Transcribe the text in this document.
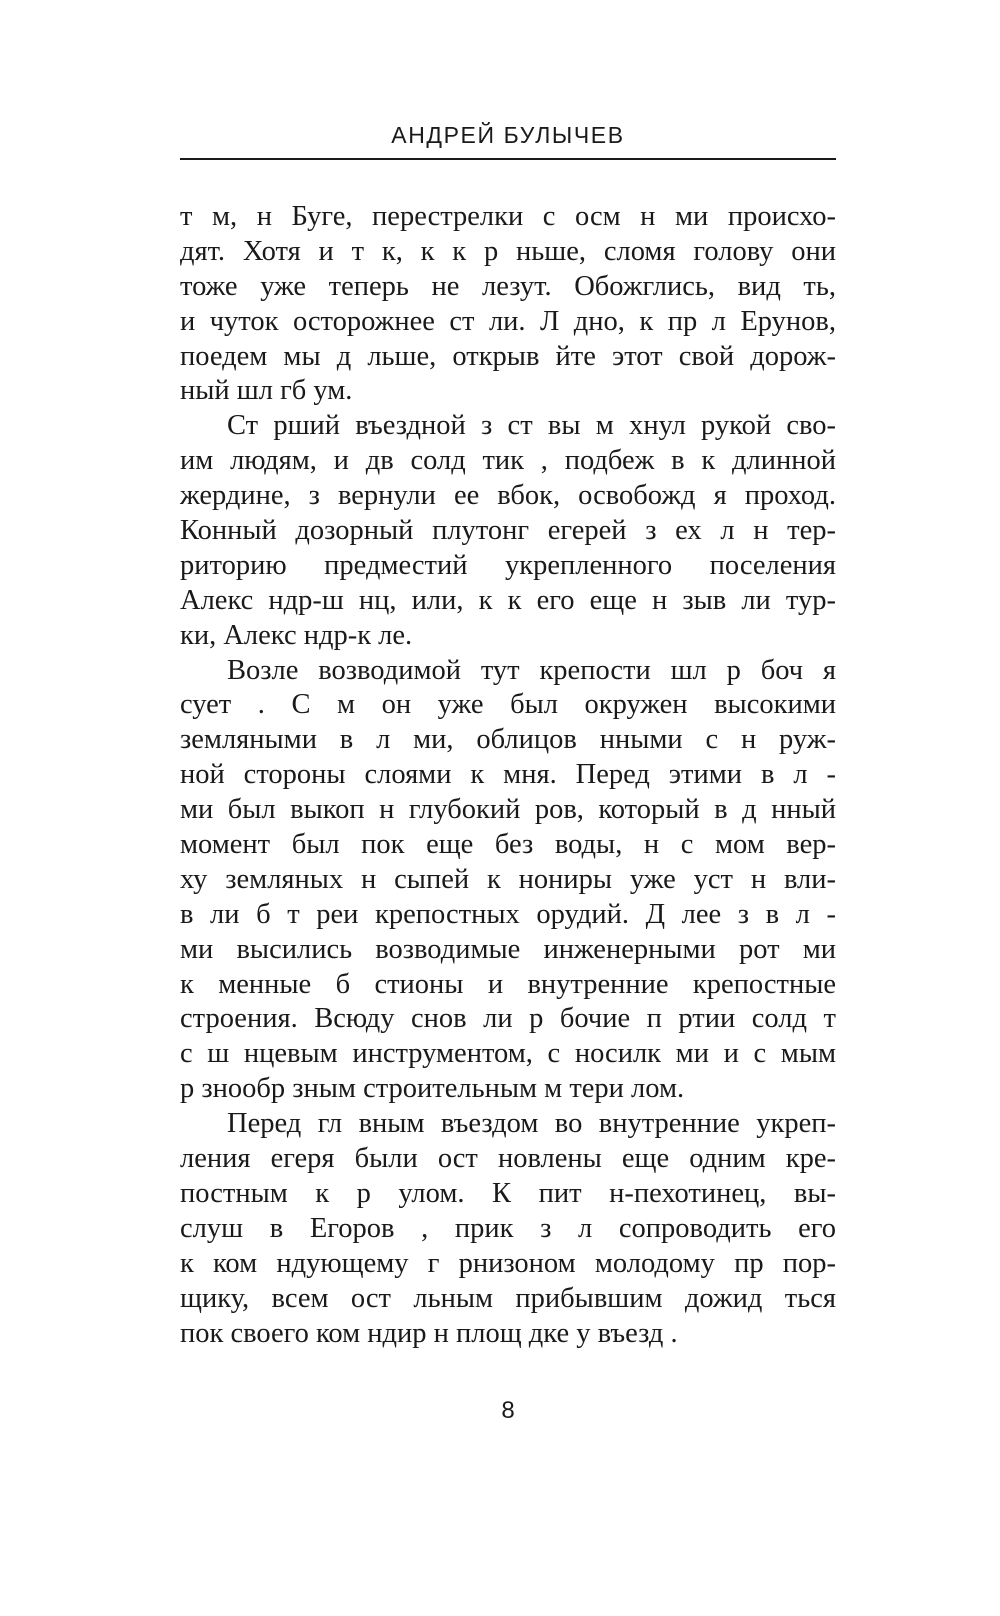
АНДРЕЙ БУЛЫЧЕВ
т м, н Буге, перестрелки с осм н ми происхо-
дят. Хотя и т к, к к р ньше, сломя голову они
тоже уже теперь не лезут. Обожглись, вид ть,
и чуток осторожнее ст ли. Л дно, к пр л Ерунов,
поедем мы д льше, открыв йте этот свой дорож-
ный шл гб ум.
Ст рший въездной з ст вы м хнул рукой сво-
им людям, и дв солд тик , подбеж в к длинной
жердине, з вернули ее вбок, освобожд я проход.
Конный дозорный плутонг егерей з ех л н тер-
риторию предместий укрепленного поселения
Алекс ндр-ш нц, или, к к его еще н зыв ли тур-
ки, Алекс ндр-к ле.
Возле возводимой тут крепости шл р боч я
сует . С м он уже был окружен высокими
земляными в л ми, облицов нными с н руж-
ной стороны слоями к мня. Перед этими в л -
ми был выкоп н глубокий ров, который в д нный
момент был пок еще без воды, н с мом вер-
ху земляных н сыпей к нониры уже уст н вли-
в ли б т реи крепостных орудий. Д лее з в л -
ми высились возводимые инженерными рот ми
к менные б стионы и внутренние крепостные
строения. Всюду снов ли р бочие п ртии солд т
с ш нцевым инструментом, с носилк ми и с мым
р знообр зным строительным м тери лом.
Перед гл вным въездом во внутренние укреп-
ления егеря были ост новлены еще одним кре-
постным к р улом. К пит н-пехотинец, вы-
слуш в Егоров , прик з л сопроводить его
к ком ндующему г рнизоном молодому пр пор-
щику, всем ост льным прибывшим дожид ться
пок своего ком ндир н площ дке у въезд .
8
